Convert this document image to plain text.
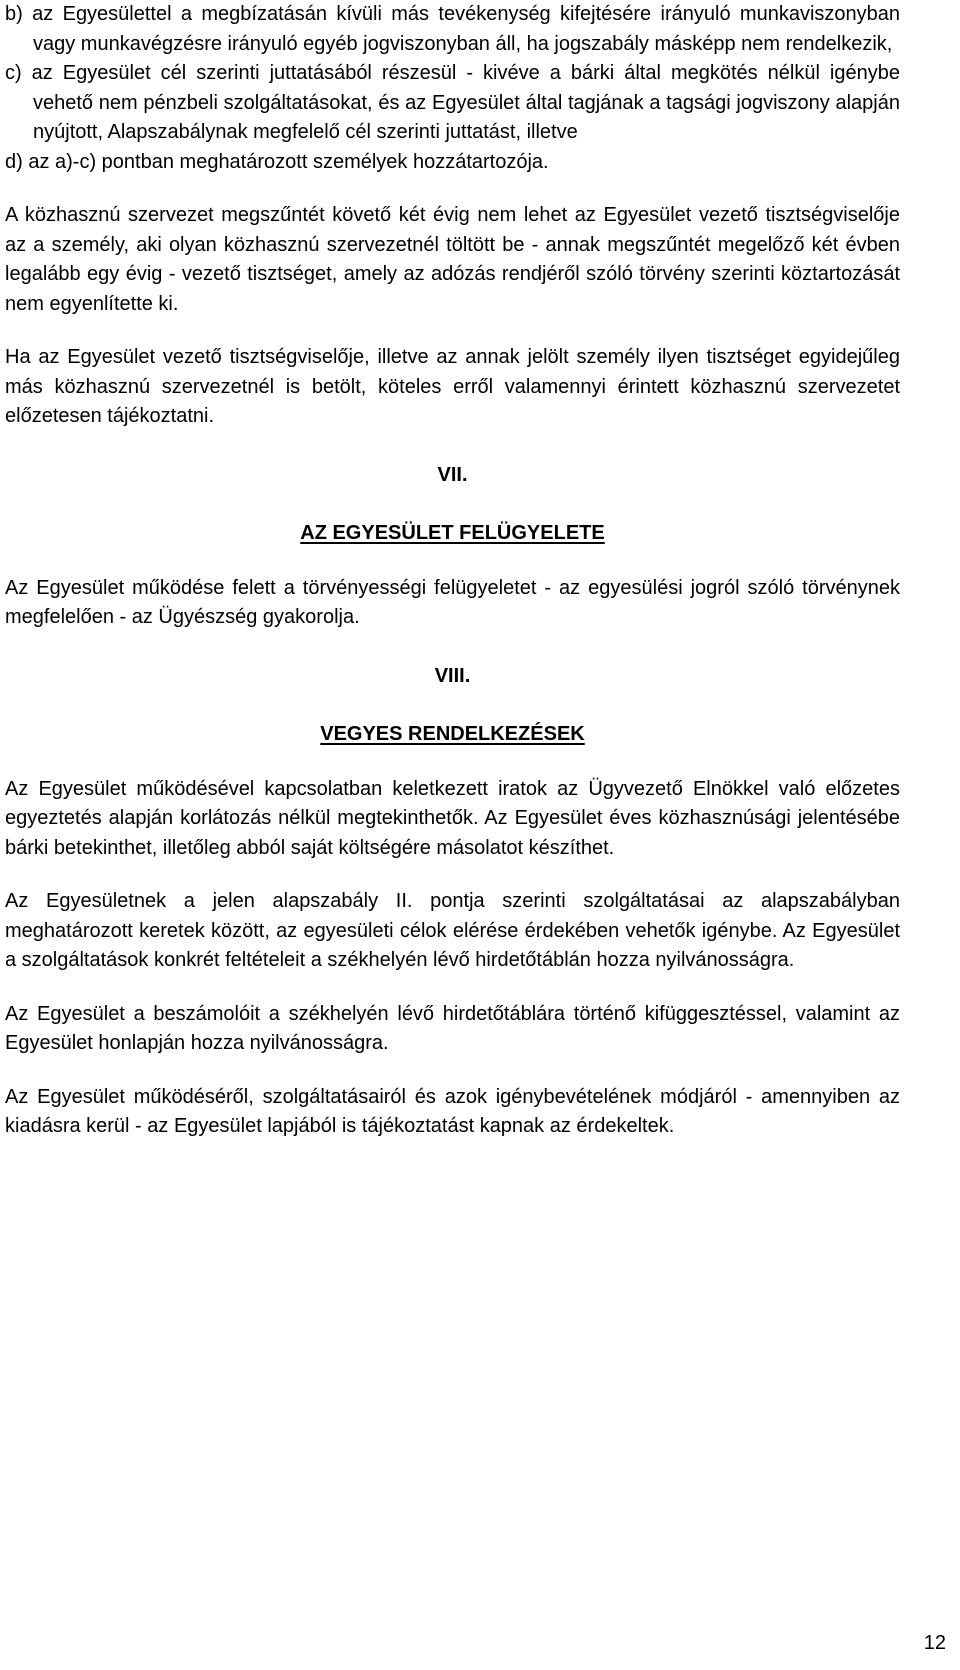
b) az Egyesülettel a megbízatásán kívüli más tevékenység kifejtésére irányuló munkaviszonyban vagy munkavégzésre irányuló egyéb jogviszonyban áll, ha jogszabály másképp nem rendelkezik,

c) az Egyesület cél szerinti juttatásából részesül - kivéve a bárki által megkötés nélkül igénybe vehető nem pénzbeli szolgáltatásokat, és az Egyesület által tagjának a tagsági jogviszony alapján nyújtott, Alapszabálynak megfelelő cél szerinti juttatást, illetve

d) az a)-c) pontban meghatározott személyek hozzátartozója.

A közhasznú szervezet megszűntét követő két évig nem lehet az Egyesület vezető tisztségviselője az a személy, aki olyan közhasznú szervezetnél töltött be - annak megszűntét megelőző két évben legalább egy évig - vezető tisztséget, amely az adózás rendjéről szóló törvény szerinti köztartozását nem egyenlítette ki.

Ha az Egyesület vezető tisztségviselője, illetve az annak jelölt személy ilyen tisztséget egyidejűleg más közhasznú szervezetnél is betölt, köteles erről valamennyi érintett közhasznú szervezetet előzetesen tájékoztatni.

VII.

AZ EGYESÜLET FELÜGYELETE

Az Egyesület működése felett a törvényességi felügyeletet - az egyesülési jogról szóló törvénynek megfelelően - az Ügyészség gyakorolja.

VIII.

VEGYES RENDELKEZÉSEK

Az Egyesület működésével kapcsolatban keletkezett iratok az Ügyvezető Elnökkel való előzetes egyeztetés alapján korlátozás nélkül megtekinthetők. Az Egyesület éves közhasznúsági jelentésébe bárki betekinthet, illetőleg abból saját költségére másolatot készíthet.

Az Egyesületnek a jelen alapszabály II. pontja szerinti szolgáltatásai az alapszabályban meghatározott keretek között, az egyesületi célok elérése érdekében vehetők igénybe. Az Egyesület a szolgáltatások konkrét feltételeit a székhelyén lévő hirdetőtáblán hozza nyilvánosságra.

Az Egyesület a beszámolóit a székhelyén lévő hirdetőtáblára történő kifüggesztéssel, valamint az Egyesület honlapján hozza nyilvánosságra.

Az Egyesület működéséről, szolgáltatásairól és azok igénybevételének módjáról - amennyiben az kiadásra kerül - az Egyesület lapjából is tájékoztatást kapnak az érdekeltek.

12
